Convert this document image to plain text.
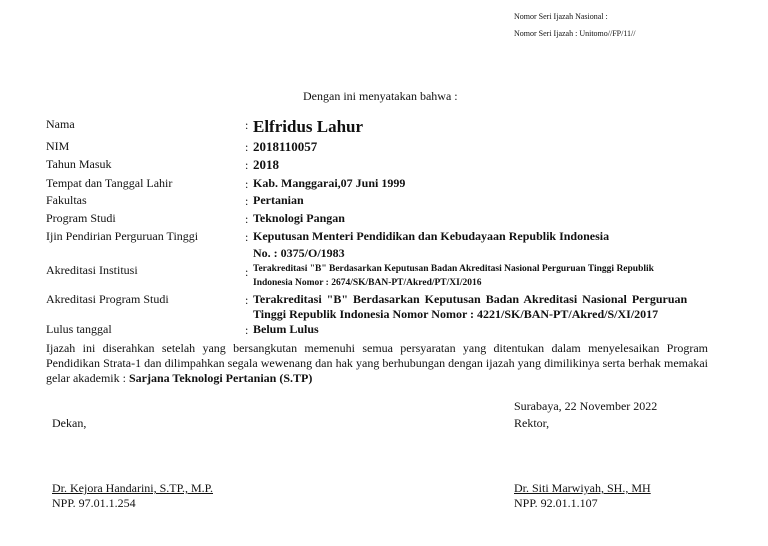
Nomor Seri Ijazah Nasional :
Nomor Seri Ijazah : Unitomo//FP/11//
Dengan ini menyatakan bahwa :
Nama	: Elfridus Lahur
NIM	: 2018110057
Tahun Masuk	: 2018
Tempat dan Tanggal Lahir	: Kab. Manggarai,07 Juni 1999
Fakultas	: Pertanian
Program Studi	: Teknologi Pangan
Ijin Pendirian Perguruan Tinggi	: Keputusan Menteri Pendidikan dan Kebudayaan Republik Indonesia
No. : 0375/O/1983
Akreditasi Institusi	: Terakreditasi "B" Berdasarkan Keputusan Badan Akreditasi Nasional Perguruan Tinggi Republik
Indonesia Nomor : 2674/SK/BAN-PT/Akred/PT/XI/2016
Akreditasi Program Studi	: Terakreditasi "B" Berdasarkan Keputusan Badan Akreditasi Nasional Perguruan
Tinggi Republik Indonesia Nomor Nomor : 4221/SK/BAN-PT/Akred/S/XI/2017
Lulus tanggal	: Belum Lulus
Ijazah ini diserahkan setelah yang bersangkutan memenuhi semua persyaratan yang ditentukan dalam menyelesaikan Program Pendidikan Strata-1 dan dilimpahkan segala wewenang dan hak yang berhubungan dengan ijazah yang dimilikinya serta berhak memakai gelar akademik : Sarjana Teknologi Pertanian (S.TP)
Surabaya, 22 November 2022
Dekan,	Rektor,
Dr. Kejora Handarini, S.TP., M.P.
NPP. 97.01.1.254
Dr. Siti Marwiyah, SH., MH
NPP. 92.01.1.107
